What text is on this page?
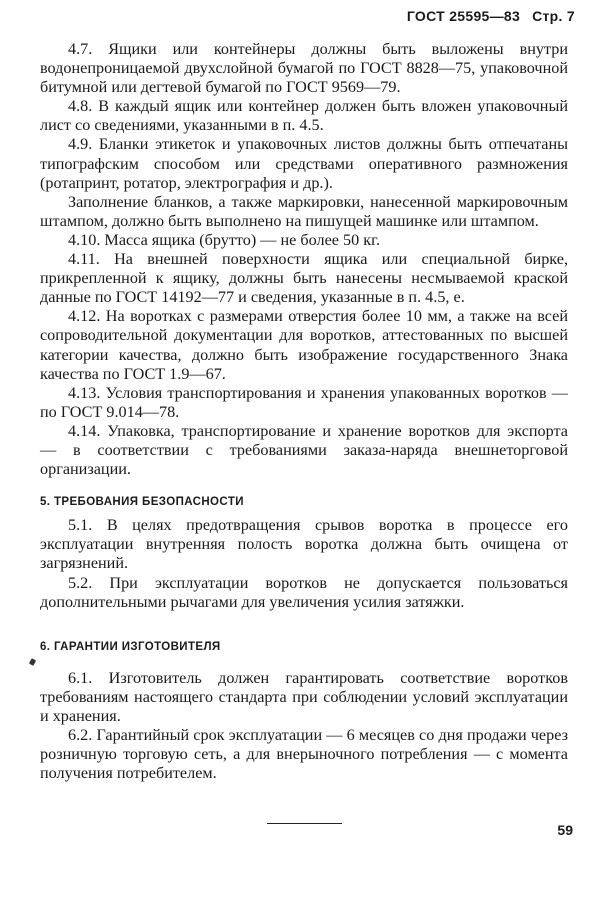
ГОСТ 25595—83 Стр. 7

4.7. Ящики или контейнеры должны быть выложены внутри водонепроницаемой двухслойной бумагой по ГОСТ 8828—75, упаковочной битумной или дегтевой бумагой по ГОСТ 9569—79.

4.8. В каждый ящик или контейнер должен быть вложен упаковочный лист со сведениями, указанными в п. 4.5.

4.9. Бланки этикеток и упаковочных листов должны быть отпечатаны типографским способом или средствами оперативного размножения (ротапринт, ротатор, электрография и др.).

Заполнение бланков, а также маркировки, нанесенной маркировочным штампом, должно быть выполнено на пишущей машинке или штампом.

4.10. Масса ящика (брутто) — не более 50 кг.

4.11. На внешней поверхности ящика или специальной бирке, прикрепленной к ящику, должны быть нанесены несмываемой краской данные по ГОСТ 14192—77 и сведения, указанные в п. 4.5, е.

4.12. На воротках с размерами отверстия более 10 мм, а также на всей сопроводительной документации для воротков, аттестованных по высшей категории качества, должно быть изображение государственного Знака качества по ГОСТ 1.9—67.

4.13. Условия транспортирования и хранения упакованных воротков — по ГОСТ 9.014—78.

4.14. Упаковка, транспортирование и хранение воротков для экспорта — в соответствии с требованиями заказа-наряда внешнеторговой организации.

5. ТРЕБОВАНИЯ БЕЗОПАСНОСТИ

5.1. В целях предотвращения срывов воротка в процессе его эксплуатации внутренняя полость воротка должна быть очищена от загрязнений.

5.2. При эксплуатации воротков не допускается пользоваться дополнительными рычагами для увеличения усилия затяжки.

6. ГАРАНТИИ ИЗГОТОВИТЕЛЯ

6.1. Изготовитель должен гарантировать соответствие воротков требованиям настоящего стандарта при соблюдении условий эксплуатации и хранения.

6.2. Гарантийный срок эксплуатации — 6 месяцев со дня продажи через розничную торговую сеть, а для внерыночного потребления — с момента получения потребителем.

59
